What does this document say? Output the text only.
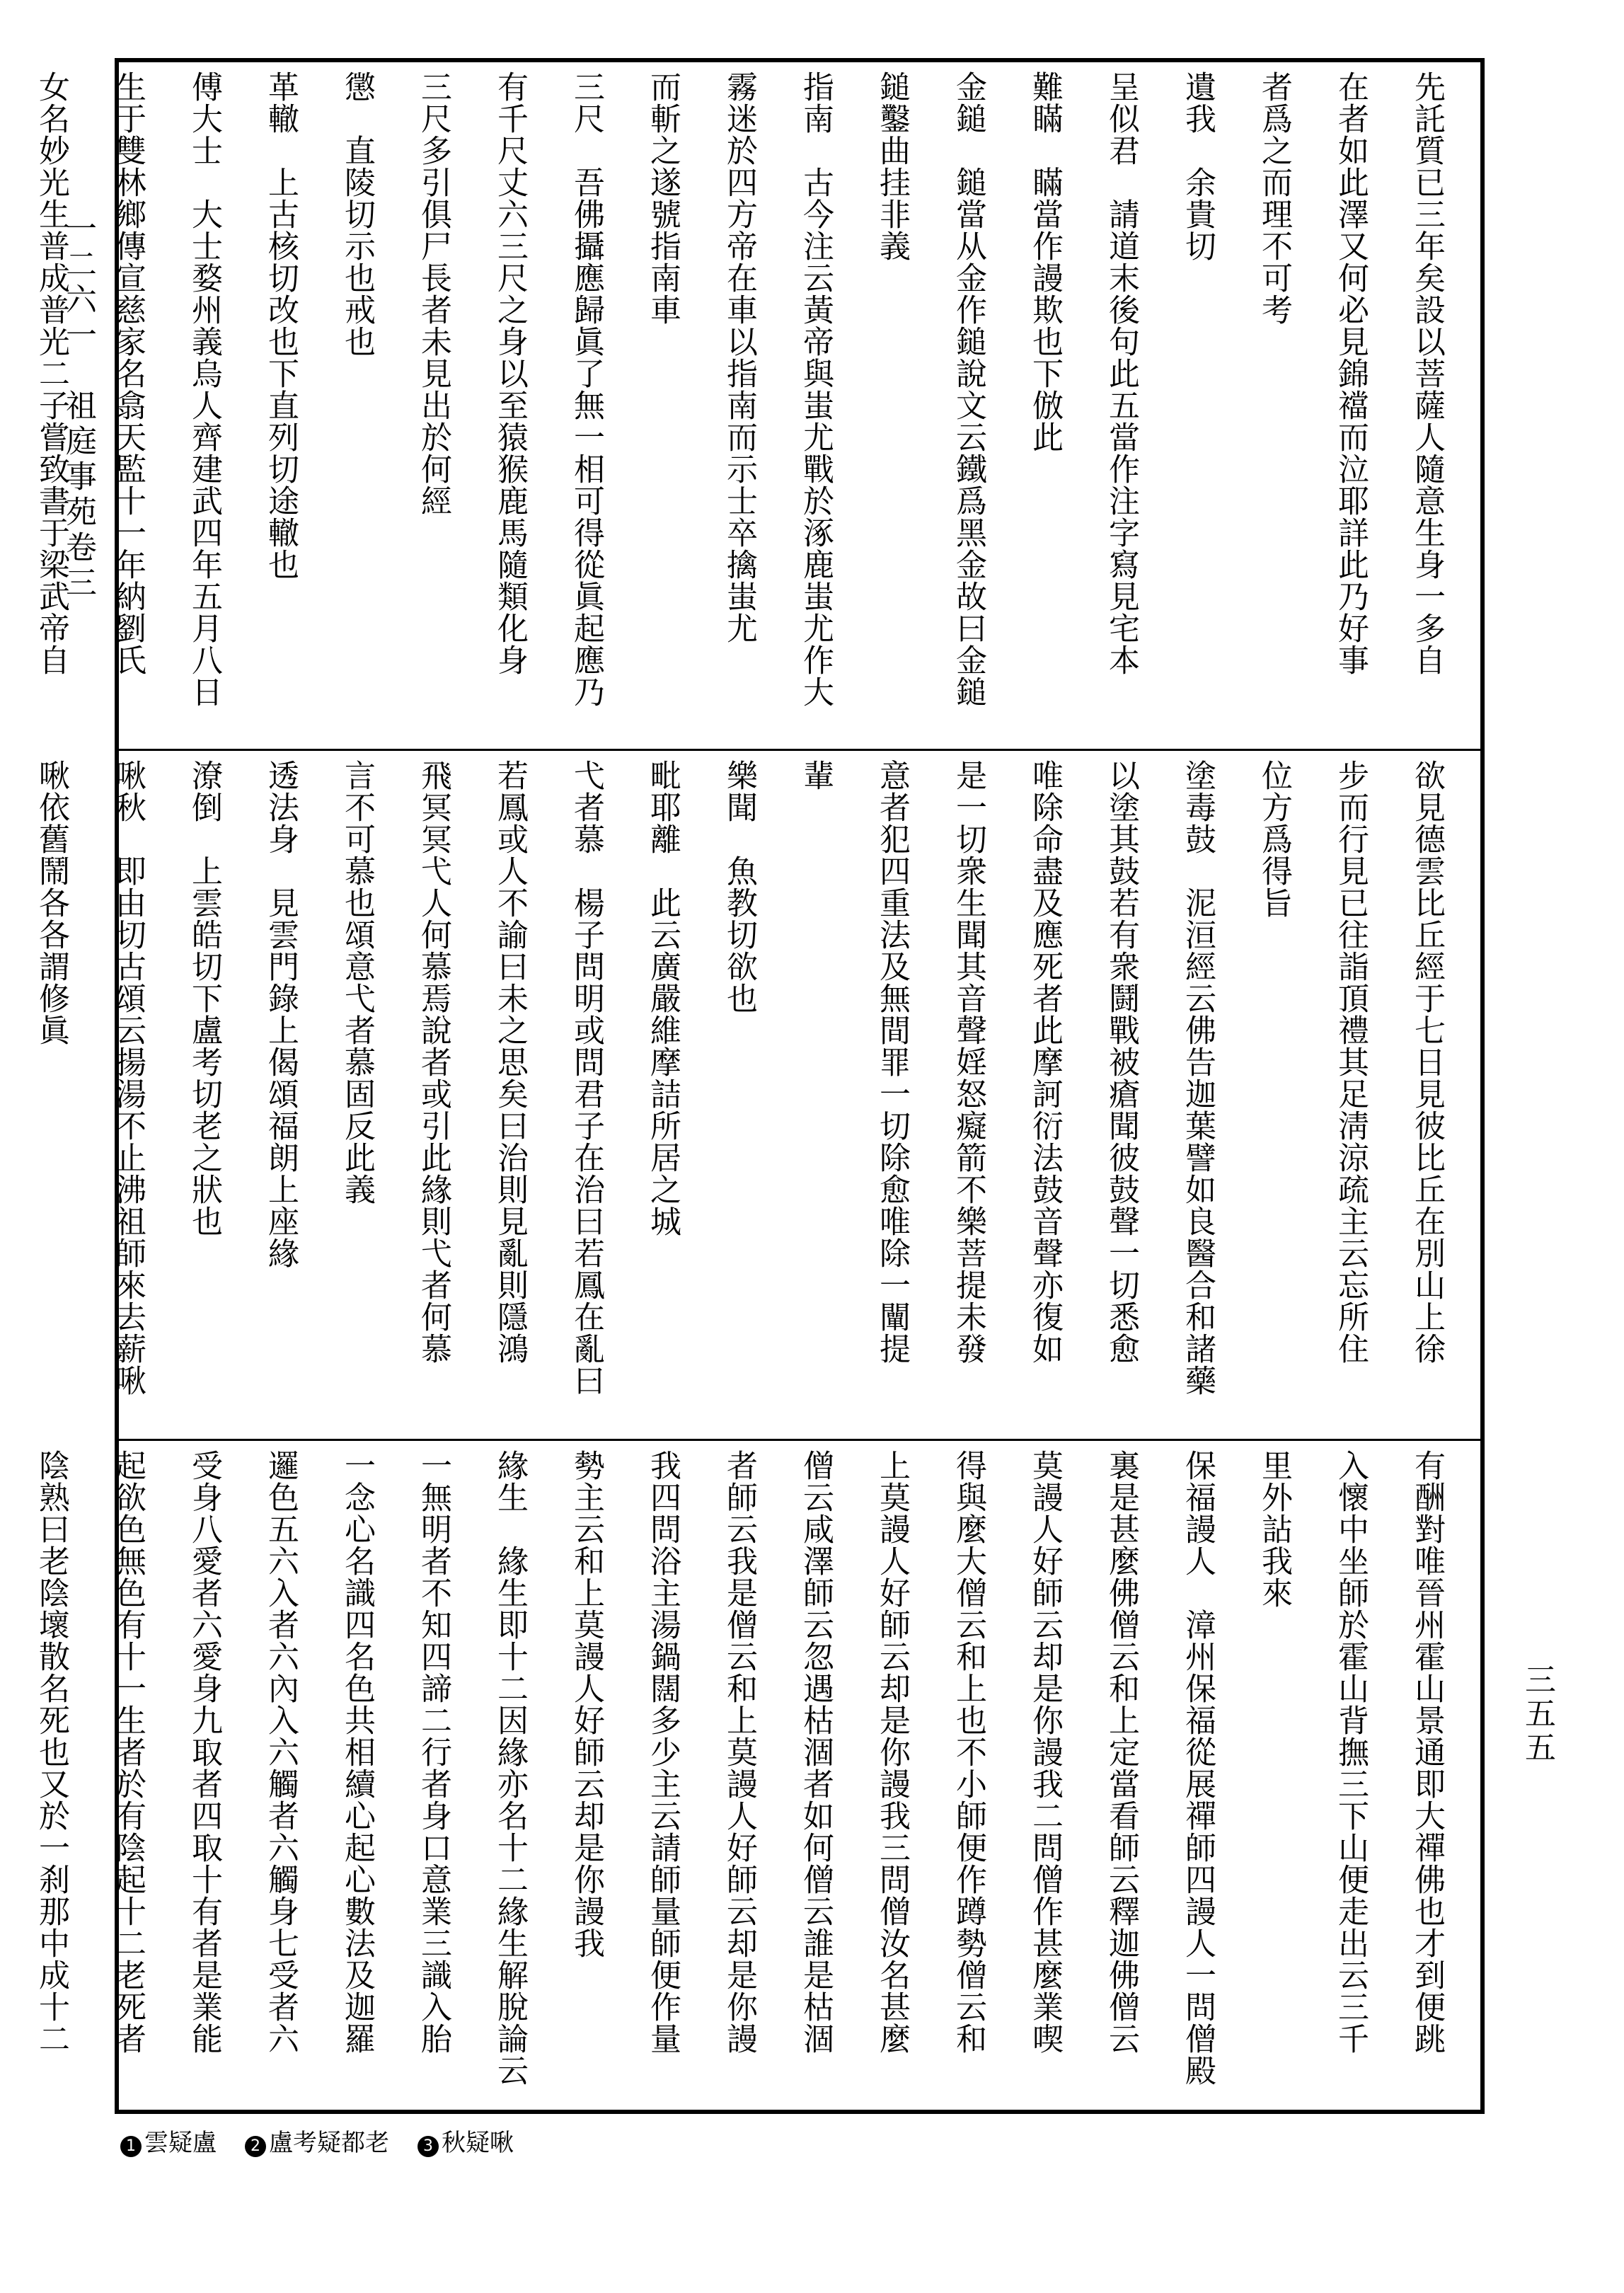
一二六一　祖庭事苑卷三	先託質已三年矣設以菩薩人隨意生身一多自
在者如此澤又何必見錦襠而泣耶詳此乃好事
者爲之而理不可考
遺我　余貴切
呈似君　請道末後句此五當作注字寫見宅本
難瞞　瞞當作謾欺也下倣此
金鎚　鎚當从金作鎚說文云鐵爲黑金故曰金鎚
鎚鑿曲挂非義
指南　古今注云黃帝與蚩尤戰於涿鹿蚩尤作大
霧迷於四方帝在車以指南而示士卒擒蚩尤
而斬之遂號指南車
三尺　吾佛攝應歸眞了無一相可得從眞起應乃
有千尺丈六三尺之身以至猿猴鹿馬隨類化身
三尺多引俱尸長者未見出於何經
懲　直陵切示也戒也
革轍　上古核切改也下直列切途轍也
傅大士　大士婺州義烏人齊建武四年五月八日
生于雙林鄉傳宣慈家名翕天監十一年納劉氏
女名妙光生普成普光二子嘗致書于梁武帝自
欲見德雲比丘經于七日見彼比丘在別山上徐
步而行見已往詣頂禮其足淸涼疏主云忘所住
位方爲得旨
塗毒鼓　泥洹經云佛告迦葉譬如良醫合和諸藥
以塗其鼓若有衆鬪戰被瘡聞彼鼓聲一切悉愈
唯除命盡及應死者此摩訶衍法鼓音聲亦復如
是一切衆生聞其音聲婬怒癡箭不樂菩提未發
意者犯四重法及無間罪一切除愈唯除一闡提
輩
樂聞　魚教切欲也
毗耶離　此云廣嚴維摩詰所居之城
弋者慕　楊子問明或問君子在治曰若鳳在亂曰
若鳳或人不諭曰未之思矣曰治則見亂則隱鴻
飛冥冥弋人何慕焉說者或引此緣則弋者何慕
言不可慕也頌意弋者慕固反此義
透法身　見雲門錄上偈頌福朗上座緣
潦倒　上雲皓切下盧考切老之狀也
啾秋　即由切古頌云揚湯不止沸祖師來去薪啾
啾依舊鬧各各謂修眞
有酬對唯晉州霍山景通即大禪佛也才到便跳
入懷中坐師於霍山背撫三下山便走出云三千
里外詀我來
保福謾人　漳州保福從展禪師四謾人一問僧殿
裏是甚麼佛僧云和上定當看師云釋迦佛僧云
莫謾人好師云却是你謾我二問僧作甚麼業喫
得與麼大僧云和上也不小師便作蹲勢僧云和
上莫謾人好師云却是你謾我三問僧汝名甚麼
僧云咸澤師云忽遇枯涸者如何僧云誰是枯涸
者師云我是僧云和上莫謾人好師云却是你謾
我四問浴主湯鍋闊多少主云請師量師便作量
勢主云和上莫謾人好師云却是你謾我
緣生　緣生即十二因緣亦名十二緣生解脫論云
一無明者不知四諦二行者身口意業三識入胎
一念心名識四名色共相續心起心數法及迦羅
邏色五六入者六內入六觸者六觸身七受者六
受身八愛者六愛身九取者四取十有者是業能
起欲色無色有十一生者於有陰起十二老死者
陰熟曰老陰壞散名死也又於一刹那中成十二	三五五
1 雲疑盧	2 盧考疑都老	3 秋疑啾
